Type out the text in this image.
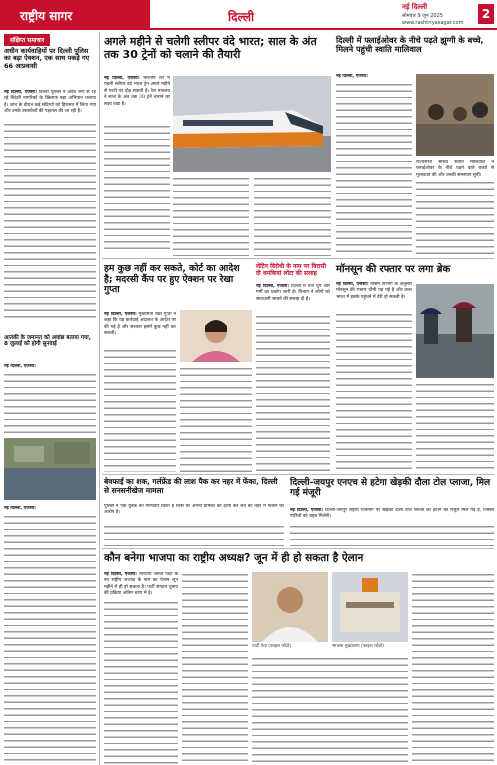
राष्ट्रीय सागर	दिल्ली
नई दिल्ली
सोमवार 9 जून 2025
www.rashtriyasagar.com
2
संक्षिप्त समाचार
अधीन कार्यवाहियों पर दिल्ली पुलिस का बड़ा ऐक्शन, एक साथ पकड़े गए 66 आप्रवासी
नई दिल्ली, एजेंसी। दिल्ली पुलिस ने अवैध रूप से रह रहे विदेशी नागरिकों के खिलाफ बड़ा अभियान चलाया है। जांच के दौरान कई संदिग्धों को हिरासत में लिया गया और उनके दस्तावेजों की पड़ताल की जा रही है।
आतंकी के जमानत को अवांछ बताया गया, 8 जुलाई को होगी सुनवाई
नई दिल्ली, एजेंसी।
नई दिल्ली, एजेंसी।
अगले महीने से चलेगी स्लीपर वंदे भारत; साल के अंत तक 30 ट्रेनों को चलाने की तैयारी
नई दिल्ली, एजेंसी। भारतीय रेल में पहली स्लीपर वंदे भारत ट्रेन अगले महीने से पटरी पर दौड़ सकती है। रेल मंत्रालय ने साल के अंत तक 30 ट्रेनें चलाने का लक्ष्य रखा है।
दिल्ली में फ्लाईओवर के नीचे पढ़ते झुग्गी के बच्चे, मिलने पहुंची स्वाति मालिवाल
नई दिल्ली, एजेंसी।
राज्यसभा सांसद स्वाति मालिवाल ने फ्लाईओवर के नीचे पढ़ने वाले बच्चों से मुलाकात की और उनकी समस्याएं सुनीं।
हम कुछ नहीं कर सकते, कोर्ट का आदेश है; मदरसी कैंप पर हुए ऐक्शन पर रेखा गुप्ता
नई दिल्ली, एजेंसी। मुख्यमंत्री रेखा गुप्ता ने कहा कि यह कार्रवाई अदालत के आदेश पर की गई है और सरकार इसमें कुछ नहीं कर सकती।
लेटिन विरोधी के नाम पर विरासी दी धमकियां लोटा की सलाह
नई दिल्ली, एजेंसी। दिल्ली में तेज धूप और गर्मी का प्रकोप जारी है। विभाग ने लोगों को सावधानी बरतने की सलाह दी है।
मॉनसून की रफ्तार पर लगा ब्रेक
नई दिल्ली, एजेंसी। मौसम विभाग के अनुसार मॉनसून की रफ्तार धीमी पड़ गई है और उत्तर भारत में इसके पहुंचने में देरी हो सकती है।
बेवफाई का शक, गर्लफ्रेंड की लाश पैक कर नहर में फेंका, दिल्ली से सनसनीखेज मामला
पुलिस ने एक युवक को गिरफ्तार किया है जिस पर अपनी प्रेमिका की हत्या कर शव को नहर में फेंकने का आरोप है।
दिल्ली-जयपुर एनएच से हटेगा खेड़की दौला टोल प्लाजा, मिल गई मंजूरी
नई दिल्ली, एजेंसी। दिल्ली-जयपुर राष्ट्रीय राजमार्ग पर खेड़की दौला टोल प्लाजा को हटाने की मंजूरी मिल गई है, जिससे यात्रियों को राहत मिलेगी।
कौन बनेगा भाजपा का राष्ट्रीय अध्यक्ष? जून में ही हो सकता है ऐलान
नई दिल्ली, एजेंसी। भारतीय जनता पार्टी के नए राष्ट्रीय अध्यक्ष के नाम का ऐलान जून महीने में ही हो सकता है। पार्टी संगठन चुनाव की प्रक्रिया अंतिम चरण में है।
पार्टी नेता (फाइल फोटो)	भाजपा मुख्यालय (फाइल फोटो)
